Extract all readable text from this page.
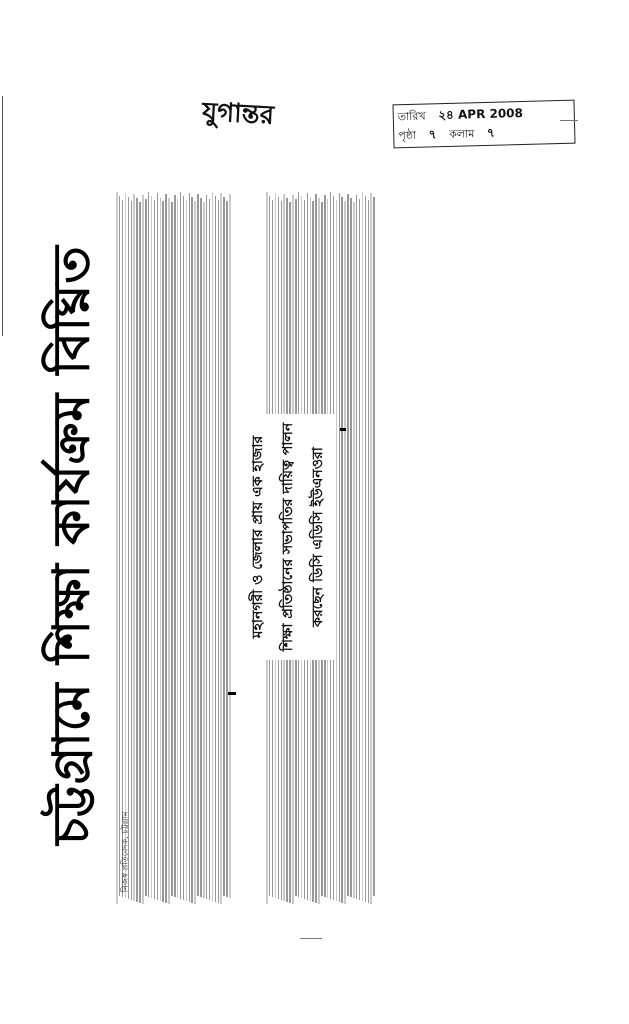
যুগান্তর	তারিখ ২৪ APR 2008
পৃষ্ঠা ৭ কলাম ৭
চট্টগ্রামে শিক্ষা কার্যক্রম বিঘ্নিত	মহানগরী ও জেলার প্রায় এক হাজার শিক্ষা প্রতিষ্ঠানের সভাপতির দায়িত্ব পালন করছেন ডিসি এডিসি ইউএনওরা
নিজস্ব প্রতিবেদক, চট্টগ্রাম
